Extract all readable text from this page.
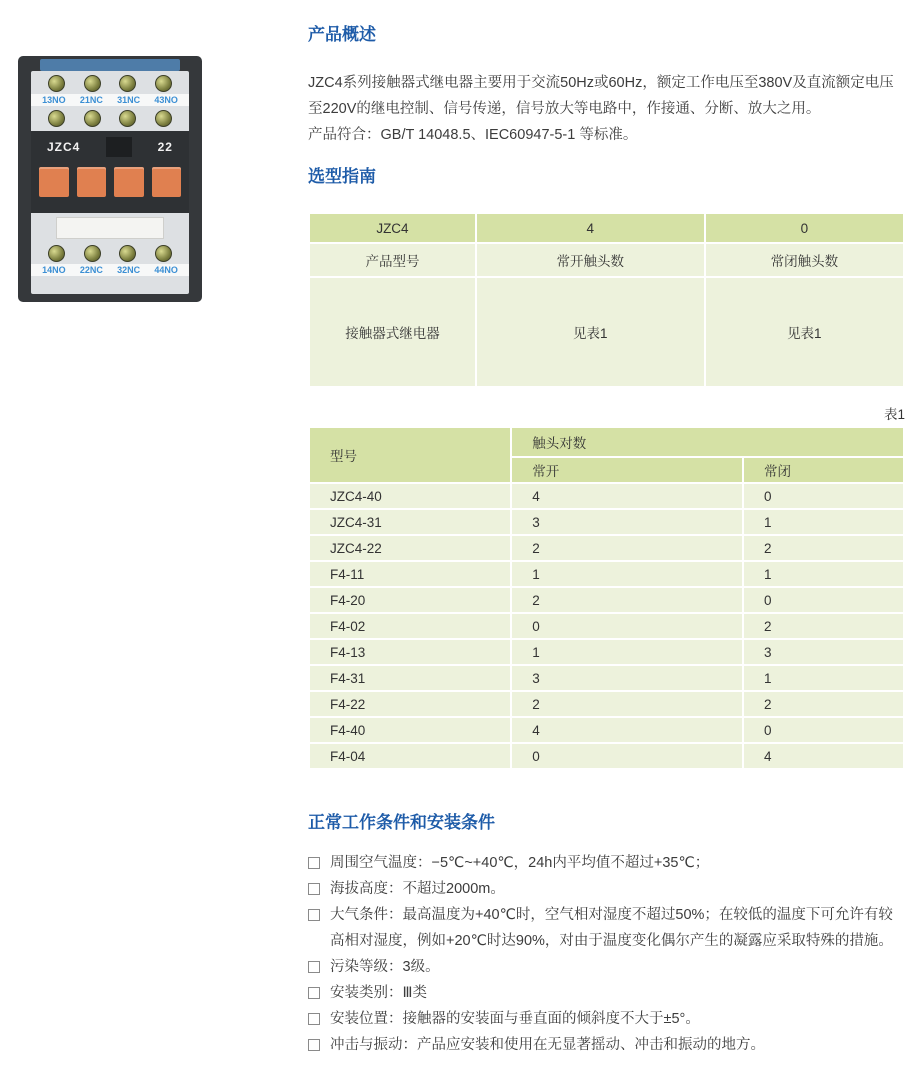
13NO 21NC 31NC 43NO
JZC4	22
14NO 22NC 32NC 44NO
产品概述
JZC4系列接触器式继电器主要用于交流50Hz或60Hz，额定工作电压至380V及直流额定电压至220V的继电控制、信号传递，信号放大等电路中，作接通、分断、放大之用。
产品符合：GB/T 14048.5、IEC60947-5-1 等标准。
选型指南
JZC4	4	0
产品型号	常开触头数	常闭触头数
接触器式继电器	见表1	见表1
表1
型号	触头对数	
	常开	常闭
JZC4-40	4	0
JZC4-31	3	1
JZC4-22	2	2
F4-11	1	1
F4-20	2	0
F4-02	0	2
F4-13	1	3
F4-31	3	1
F4-22	2	2
F4-40	4	0
F4-04	0	4
正常工作条件和安装条件
周围空气温度：−5℃~+40℃，24h内平均值不超过+35℃；
海拔高度：不超过2000m。
大气条件：最高温度为+40℃时，空气相对湿度不超过50%；在较低的温度下可允许有较高相对湿度，例如+20℃时达90%，对由于温度变化偶尔产生的凝露应采取特殊的措施。
污染等级：3级。
安装类别：Ⅲ类
安装位置：接触器的安装面与垂直面的倾斜度不大于±5°。
冲击与振动：产品应安装和使用在无显著摇动、冲击和振动的地方。
